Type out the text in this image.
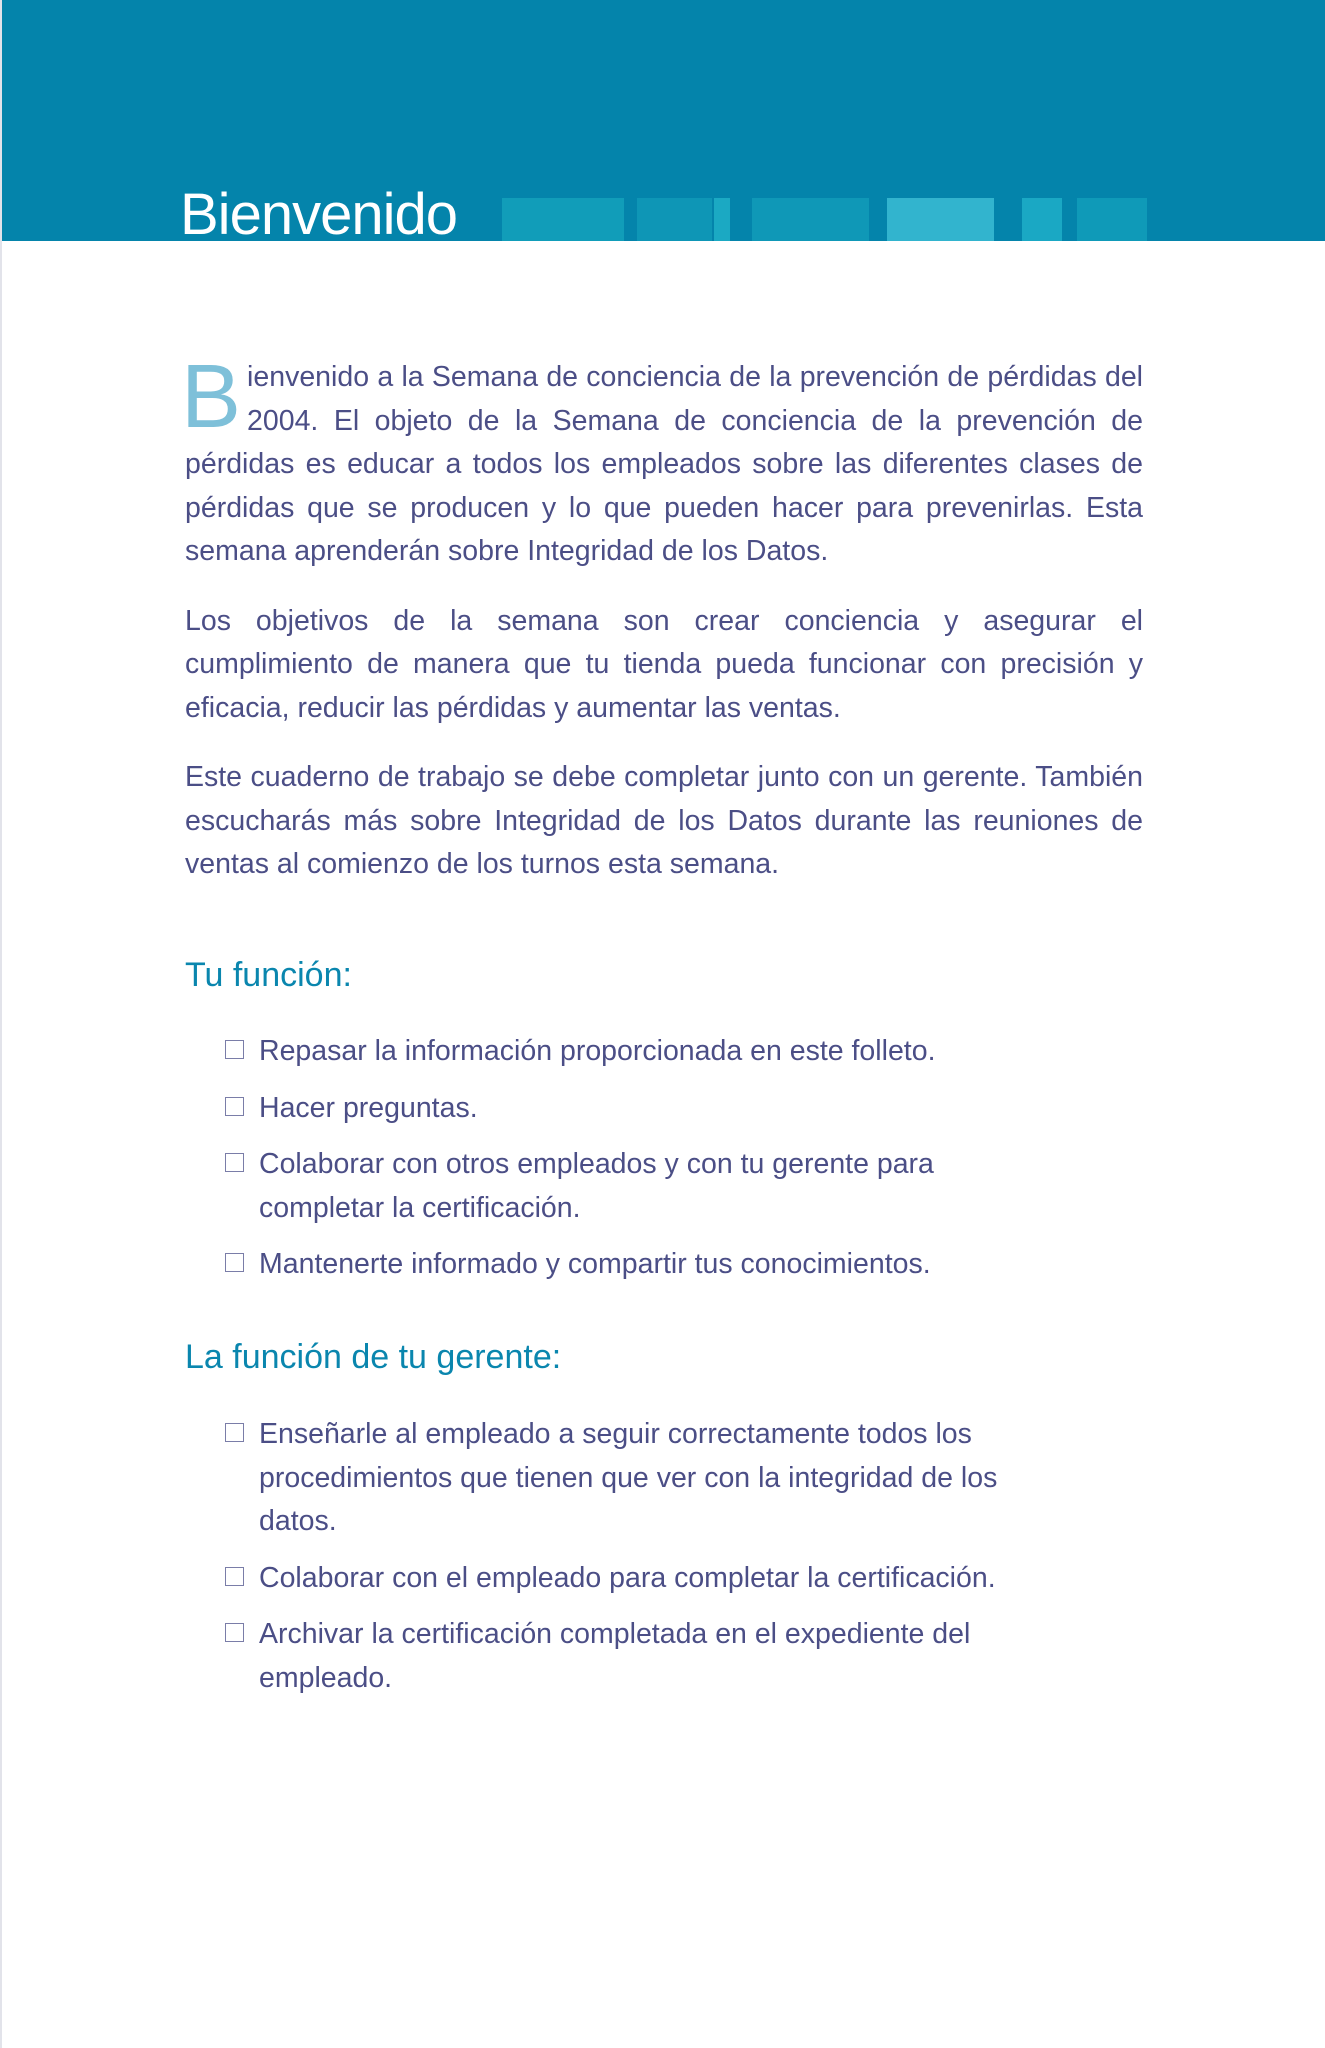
Bienvenido

Bienvenido a la Semana de conciencia de la prevención de pérdidas del 2004. El objeto de la Semana de conciencia de la prevención de pérdidas es educar a todos los empleados sobre las diferentes clases de pérdidas que se producen y lo que pueden hacer para prevenirlas. Esta semana aprenderán sobre Integridad de los Datos.

Los objetivos de la semana son crear conciencia y asegurar el cumplimiento de manera que tu tienda pueda funcionar con precisión y eficacia, reducir las pérdidas y aumentar las ventas.

Este cuaderno de trabajo se debe completar junto con un gerente. También escucharás más sobre Integridad de los Datos durante las reuniones de ventas al comienzo de los turnos esta semana.

Tu función:
Repasar la información proporcionada en este folleto.
Hacer preguntas.
Colaborar con otros empleados y con tu gerente para completar la certificación.
Mantenerte informado y compartir tus conocimientos.
La función de tu gerente:
Enseñarle al empleado a seguir correctamente todos los procedimientos que tienen que ver con la integridad de los datos.
Colaborar con el empleado para completar la certificación.
Archivar la certificación completada en el expediente del empleado.
